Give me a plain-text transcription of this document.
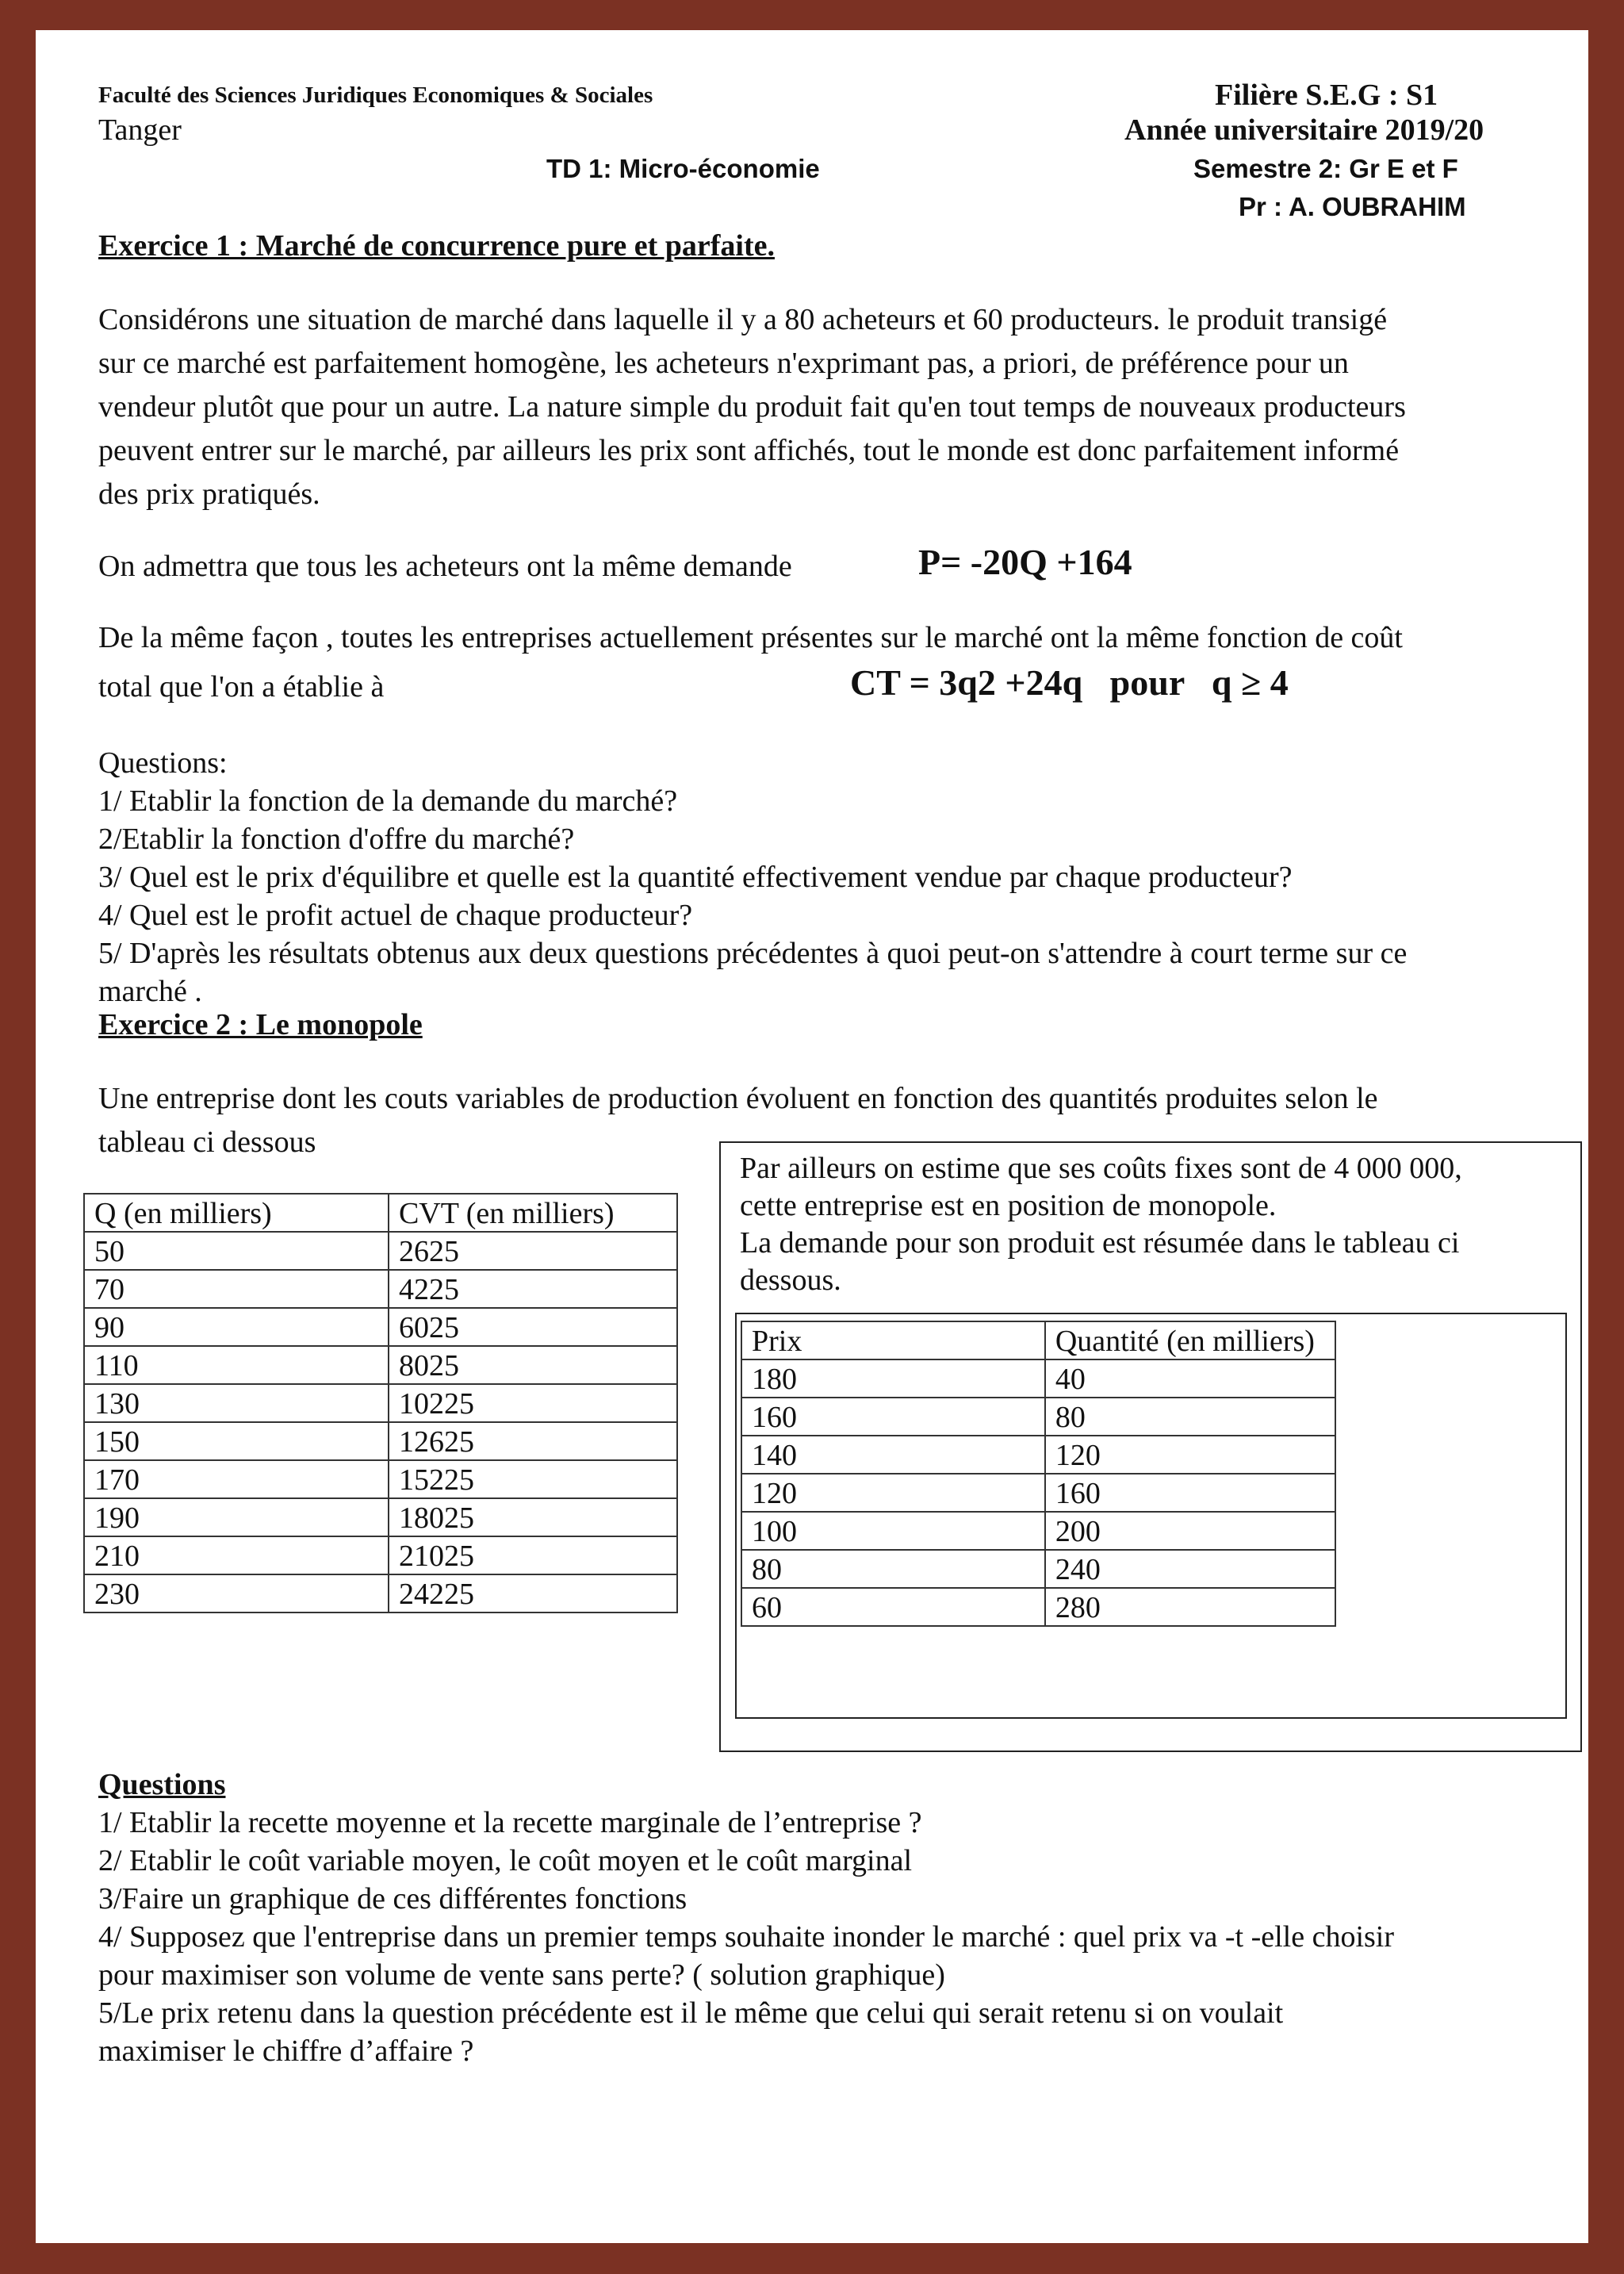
Faculté des Sciences Juridiques Economiques & Sociales
Tanger
TD 1: Micro-économie
Filière S.E.G : S1
Année universitaire 2019/20
Semestre 2: Gr E et F
Pr : A. OUBRAHIM
Exercice 1 : Marché de concurrence pure et parfaite.
Considérons une situation de marché dans laquelle il y a 80 acheteurs et 60 producteurs. le produit transigé
sur ce marché est parfaitement homogène, les acheteurs n'exprimant pas, a priori, de préférence pour un
vendeur plutôt que pour un autre. La nature simple du produit fait qu'en tout temps de nouveaux producteurs
peuvent entrer sur le marché, par ailleurs les prix sont affichés, tout le monde est donc parfaitement informé
des prix pratiqués.
On admettra que tous les acheteurs ont la même demande	P= -20Q +164
De la même façon , toutes les entreprises actuellement présentes sur le marché ont la même fonction de coût
total que l'on a établie à	CT = 3q2 +24q   pour   q ≥ 4
Questions:
1/ Etablir la fonction de la demande du marché?
2/Etablir la fonction d'offre du marché?
3/ Quel est le prix d'équilibre et quelle est la quantité effectivement vendue par chaque producteur?
4/ Quel est le profit actuel de chaque producteur?
5/ D'après les résultats obtenus aux deux questions précédentes à quoi peut-on s'attendre à court terme sur ce
marché .
Exercice 2 : Le monopole
Une entreprise dont les couts variables de production évoluent en fonction des quantités produites selon le
tableau ci dessous
Q (en milliers)	CVT (en milliers)
50	2625
70	4225
90	6025
110	8025
130	10225
150	12625
170	15225
190	18025
210	21025
230	24225
Par ailleurs on estime que ses coûts fixes sont de 4 000 000,
cette entreprise est en position de monopole.
La demande pour son produit est résumée dans le tableau ci
dessous.
Prix	Quantité (en milliers)
180	40
160	80
140	120
120	160
100	200
80	240
60	280
Questions
1/ Etablir la recette moyenne et la recette marginale de l’entreprise ?
2/ Etablir le coût variable moyen, le coût moyen et le coût marginal
3/Faire un graphique de ces différentes fonctions
4/ Supposez que l'entreprise dans un premier temps souhaite inonder le marché : quel prix va -t -elle choisir
pour maximiser son volume de vente sans perte? ( solution graphique)
5/Le prix retenu dans la question précédente est il le même que celui qui serait retenu si on voulait
maximiser le chiffre d’affaire ?
